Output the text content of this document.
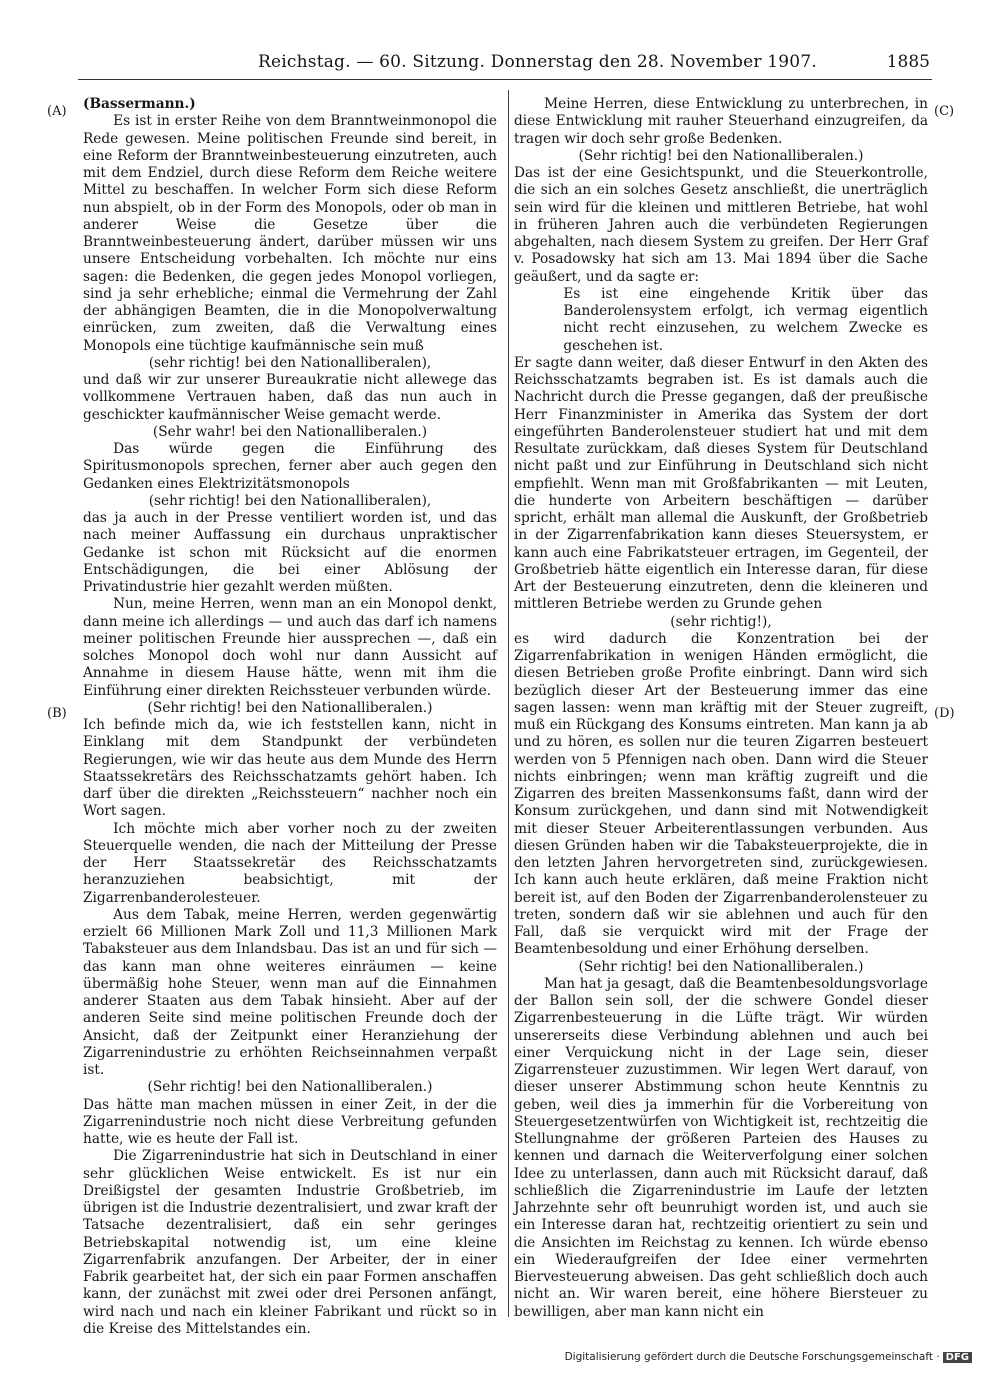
Reichstag. — 60. Sitzung. Donnerstag den 28. November 1907.	1885
(A)
(B)
(C)
(D)

(Bassermann.)

Es ist in erster Reihe von dem Branntweinmonopol die Rede gewesen. Meine politischen Freunde sind bereit, in eine Reform der Branntweinbesteuerung einzutreten, auch mit dem Endziel, durch diese Reform dem Reiche weitere Mittel zu beschaffen. In welcher Form sich diese Reform nun abspielt, ob in der Form des Monopols, oder ob man in anderer Weise die Gesetze über die Branntweinbesteuerung ändert, darüber müssen wir uns unsere Entscheidung vorbehalten. Ich möchte nur eins sagen: die Bedenken, die gegen jedes Monopol vorliegen, sind ja sehr erhebliche; einmal die Vermehrung der Zahl der abhängigen Beamten, die in die Monopolverwaltung einrücken, zum zweiten, daß die Verwaltung eines Monopols eine tüchtige kaufmännische sein muß

(sehr richtig! bei den Nationalliberalen),

und daß wir zur unserer Bureaukratie nicht allewege das vollkommene Vertrauen haben, daß das nun auch in geschickter kaufmännischer Weise gemacht werde.

(Sehr wahr! bei den Nationalliberalen.)

Das würde gegen die Einführung des Spiritusmonopols sprechen, ferner aber auch gegen den Gedanken eines Elektrizitätsmonopols

(sehr richtig! bei den Nationalliberalen),

das ja auch in der Presse ventiliert worden ist, und das nach meiner Auffassung ein durchaus unpraktischer Gedanke ist schon mit Rücksicht auf die enormen Entschädigungen, die bei einer Ablösung der Privatindustrie hier gezahlt werden müßten.

Nun, meine Herren, wenn man an ein Monopol denkt, dann meine ich allerdings — und auch das darf ich namens meiner politischen Freunde hier aussprechen —, daß ein solches Monopol doch wohl nur dann Aussicht auf Annahme in diesem Hause hätte, wenn mit ihm die Einführung einer direkten Reichssteuer verbunden würde.

(Sehr richtig! bei den Nationalliberalen.)

Ich befinde mich da, wie ich feststellen kann, nicht in Einklang mit dem Standpunkt der verbündeten Regierungen, wie wir das heute aus dem Munde des Herrn Staatssekretärs des Reichsschatzamts gehört haben. Ich darf über die direkten „Reichssteuern“ nachher noch ein Wort sagen.

Ich möchte mich aber vorher noch zu der zweiten Steuerquelle wenden, die nach der Mitteilung der Presse der Herr Staatssekretär des Reichsschatzamts heranzuziehen beabsichtigt, mit der Zigarrenbanderolesteuer.

Aus dem Tabak, meine Herren, werden gegenwärtig erzielt 66 Millionen Mark Zoll und 11,3 Millionen Mark Tabaksteuer aus dem Inlandsbau. Das ist an und für sich — das kann man ohne weiteres einräumen — keine übermäßig hohe Steuer, wenn man auf die Einnahmen anderer Staaten aus dem Tabak hinsieht. Aber auf der anderen Seite sind meine politischen Freunde doch der Ansicht, daß der Zeitpunkt einer Heranziehung der Zigarrenindustrie zu erhöhten Reichseinnahmen verpaßt ist.

(Sehr richtig! bei den Nationalliberalen.)

Das hätte man machen müssen in einer Zeit, in der die Zigarrenindustrie noch nicht diese Verbreitung gefunden hatte, wie es heute der Fall ist.

Die Zigarrenindustrie hat sich in Deutschland in einer sehr glücklichen Weise entwickelt. Es ist nur ein Dreißigstel der gesamten Industrie Großbetrieb, im übrigen ist die Industrie dezentralisiert, und zwar kraft der Tatsache dezentralisiert, daß ein sehr geringes Betriebskapital notwendig ist, um eine kleine Zigarrenfabrik anzufangen. Der Arbeiter, der in einer Fabrik gearbeitet hat, der sich ein paar Formen anschaffen kann, der zunächst mit zwei oder drei Personen anfängt, wird nach und nach ein kleiner Fabrikant und rückt so in die Kreise des Mittelstandes ein.

Meine Herren, diese Entwicklung zu unterbrechen, in diese Entwicklung mit rauher Steuerhand einzugreifen, da tragen wir doch sehr große Bedenken.

(Sehr richtig! bei den Nationalliberalen.)

Das ist der eine Gesichtspunkt, und die Steuerkontrolle, die sich an ein solches Gesetz anschließt, die unerträglich sein wird für die kleinen und mittleren Betriebe, hat wohl in früheren Jahren auch die verbündeten Regierungen abgehalten, nach diesem System zu greifen. Der Herr Graf v. Posadowsky hat sich am 13. Mai 1894 über die Sache geäußert, und da sagte er:

Es ist eine eingehende Kritik über das Banderolensystem erfolgt, ich vermag eigentlich nicht recht einzusehen, zu welchem Zwecke es geschehen ist.

Er sagte dann weiter, daß dieser Entwurf in den Akten des Reichsschatzamts begraben ist. Es ist damals auch die Nachricht durch die Presse gegangen, daß der preußische Herr Finanzminister in Amerika das System der dort eingeführten Banderolensteuer studiert hat und mit dem Resultate zurückkam, daß dieses System für Deutschland nicht paßt und zur Einführung in Deutschland sich nicht empfiehlt. Wenn man mit Großfabrikanten — mit Leuten, die hunderte von Arbeitern beschäftigen — darüber spricht, erhält man allemal die Auskunft, der Großbetrieb in der Zigarrenfabrikation kann dieses Steuersystem, er kann auch eine Fabrikatsteuer ertragen, im Gegenteil, der Großbetrieb hätte eigentlich ein Interesse daran, für diese Art der Besteuerung einzutreten, denn die kleineren und mittleren Betriebe werden zu Grunde gehen

(sehr richtig!),

es wird dadurch die Konzentration bei der Zigarrenfabrikation in wenigen Händen ermöglicht, die diesen Betrieben große Profite einbringt. Dann wird sich bezüglich dieser Art der Besteuerung immer das eine sagen lassen: wenn man kräftig mit der Steuer zugreift, muß ein Rückgang des Konsums eintreten. Man kann ja ab und zu hören, es sollen nur die teuren Zigarren besteuert werden von 5 Pfennigen nach oben. Dann wird die Steuer nichts einbringen; wenn man kräftig zugreift und die Zigarren des breiten Massenkonsums faßt, dann wird der Konsum zurückgehen, und dann sind mit Notwendigkeit mit dieser Steuer Arbeiterentlassungen verbunden. Aus diesen Gründen haben wir die Tabaksteuerprojekte, die in den letzten Jahren hervorgetreten sind, zurückgewiesen. Ich kann auch heute erklären, daß meine Fraktion nicht bereit ist, auf den Boden der Zigarrenbanderolensteuer zu treten, sondern daß wir sie ablehnen und auch für den Fall, daß sie verquickt wird mit der Frage der Beamtenbesoldung und einer Erhöhung derselben.

(Sehr richtig! bei den Nationalliberalen.)

Man hat ja gesagt, daß die Beamtenbesoldungsvorlage der Ballon sein soll, der die schwere Gondel dieser Zigarrenbesteuerung in die Lüfte trägt. Wir würden unsererseits diese Verbindung ablehnen und auch bei einer Verquickung nicht in der Lage sein, dieser Zigarrensteuer zuzustimmen. Wir legen Wert darauf, von dieser unserer Abstimmung schon heute Kenntnis zu geben, weil dies ja immerhin für die Vorbereitung von Steuergesetzentwürfen von Wichtigkeit ist, rechtzeitig die Stellungnahme der größeren Parteien des Hauses zu kennen und darnach die Weiterverfolgung einer solchen Idee zu unterlassen, dann auch mit Rücksicht darauf, daß schließlich die Zigarrenindustrie im Laufe der letzten Jahrzehnte sehr oft beunruhigt worden ist, und auch sie ein Interesse daran hat, rechtzeitig orientiert zu sein und die Ansichten im Reichstag zu kennen. Ich würde ebenso ein Wiederaufgreifen der Idee einer vermehrten Biervesteuerung abweisen. Das geht schließlich doch auch nicht an. Wir waren bereit, eine höhere Biersteuer zu bewilligen, aber man kann nicht ein

Digitalisierung gefördert durch die Deutsche Forschungsgemeinschaft · DFG
